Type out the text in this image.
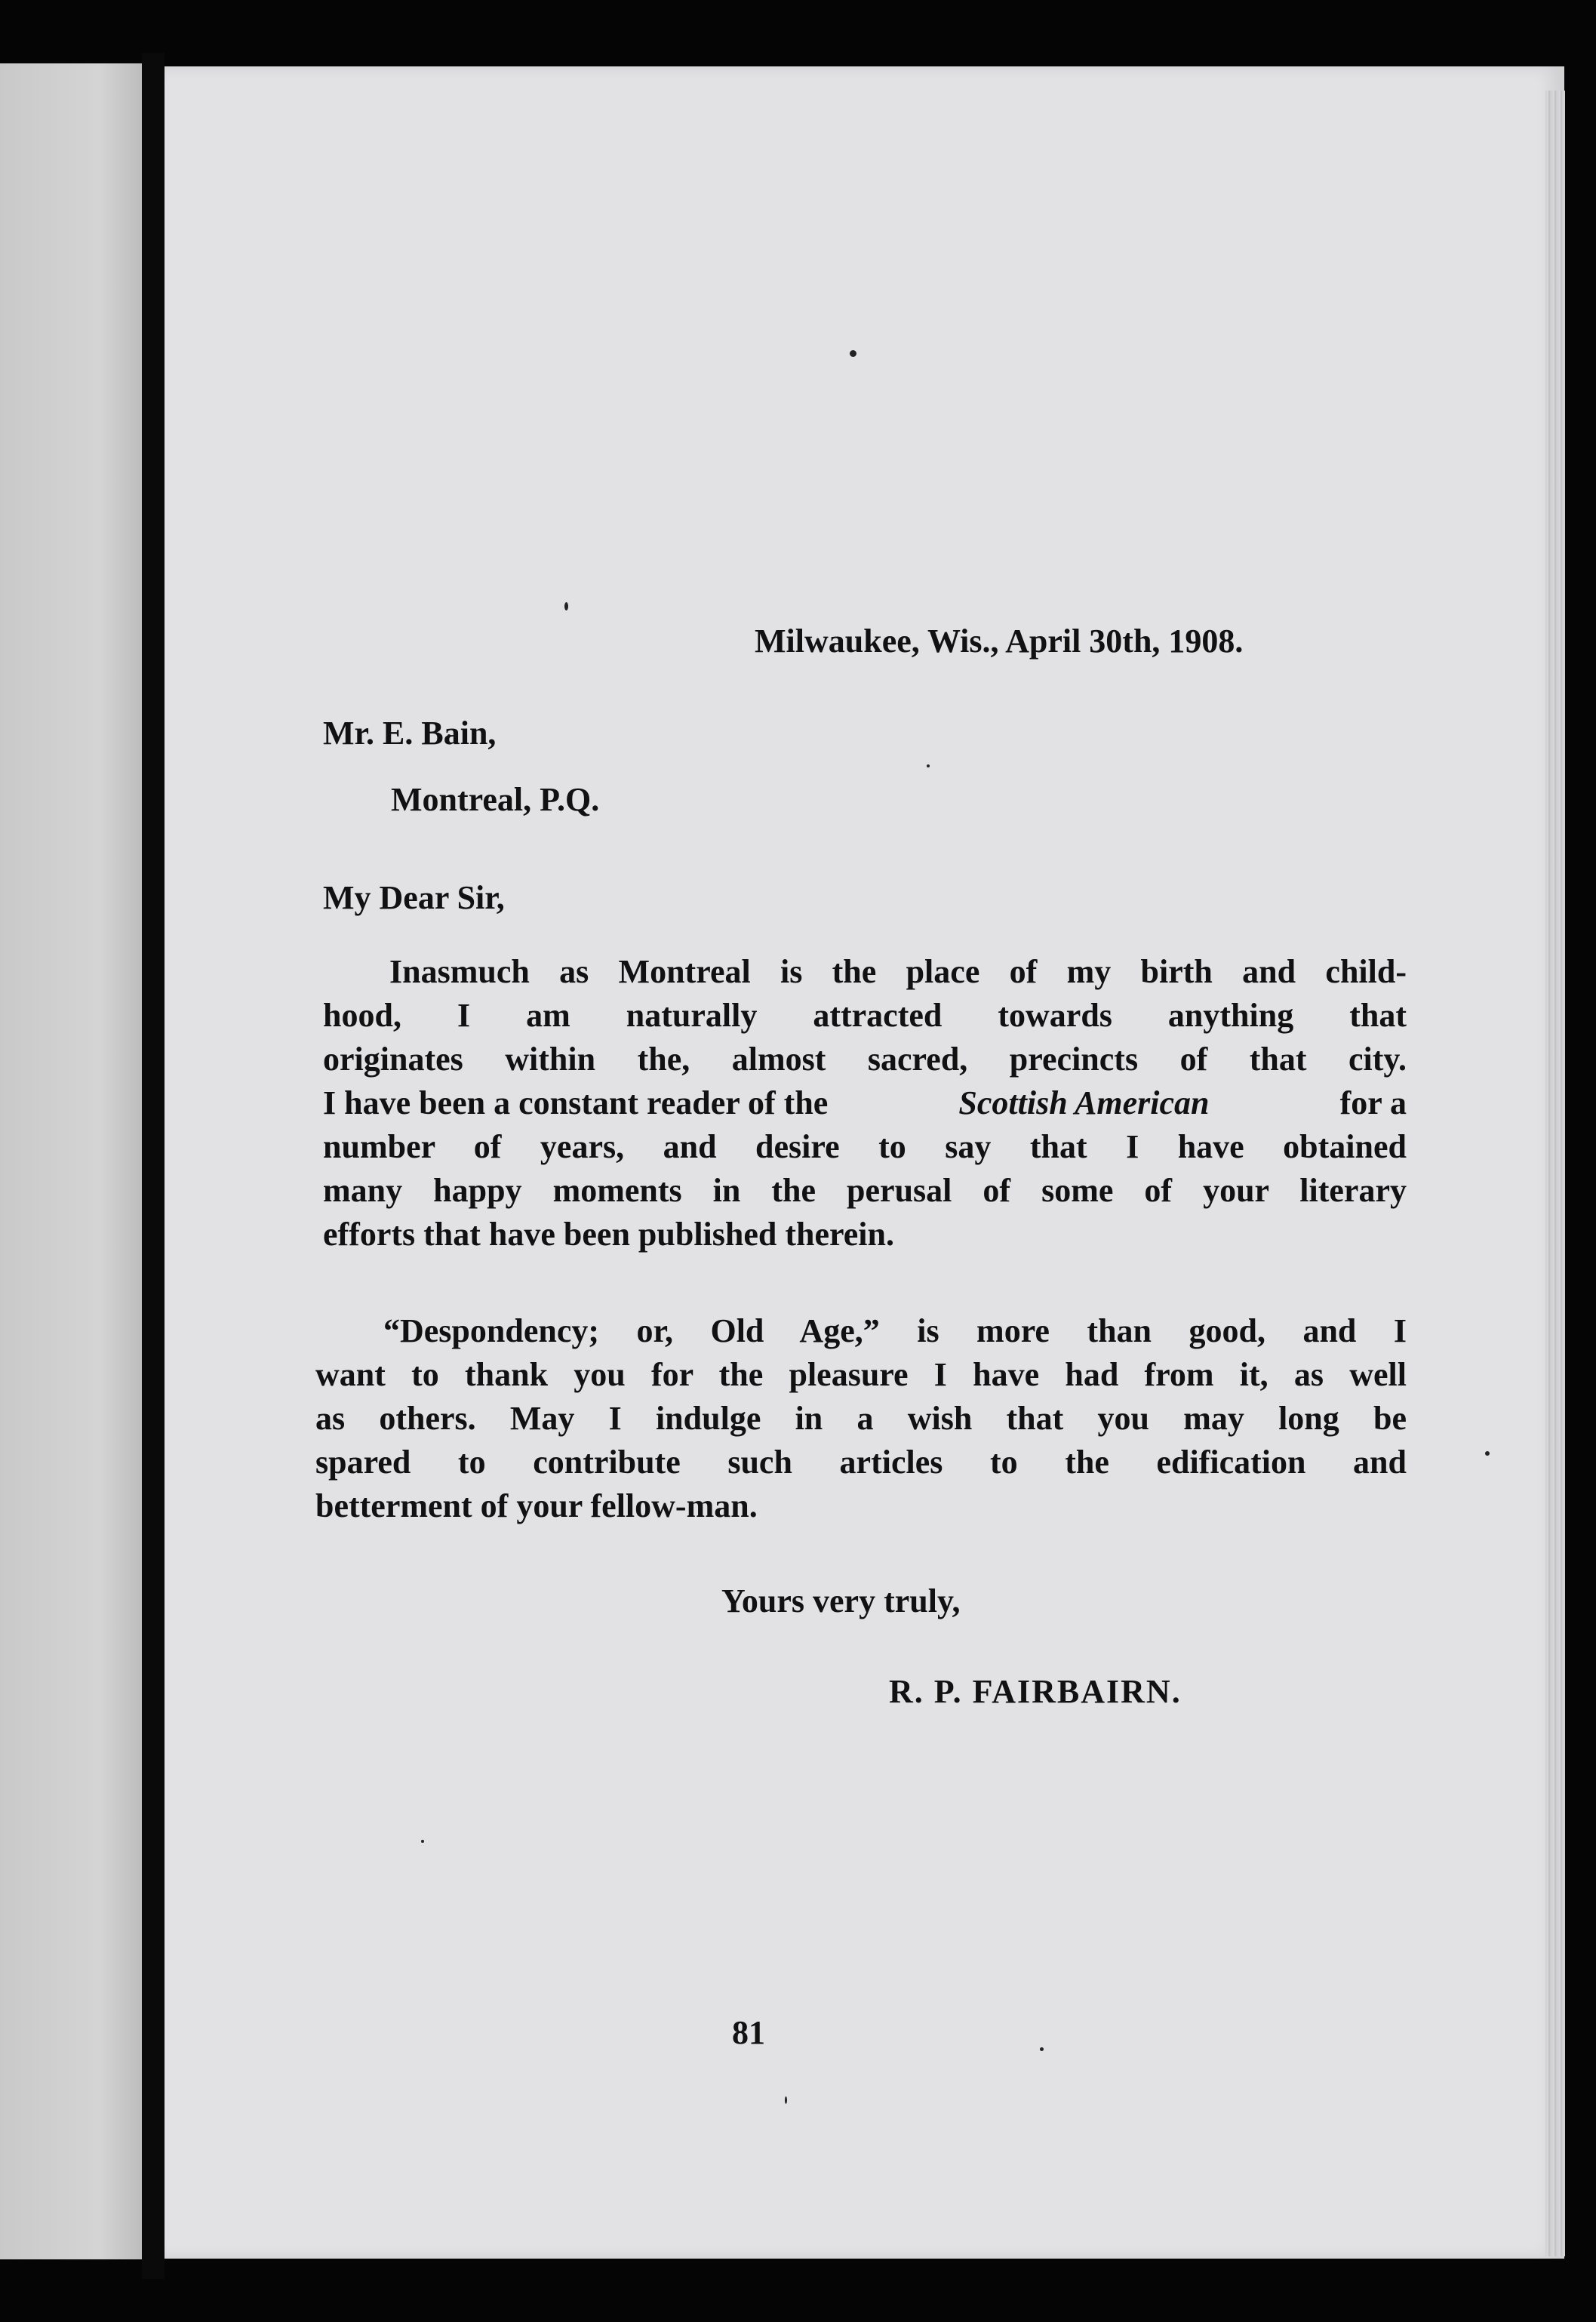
Milwaukee, Wis., April 30th, 1908.
Mr. E. Bain,
Montreal, P.Q.
My Dear Sir,
Inasmuch as Montreal is the place of my birth and child-
hood, I am naturally attracted towards anything that
originates within the, almost sacred, precincts of that city.
I have been a constant reader of the	Scottish American	for a
number of years, and desire to say that I have obtained
many happy moments in the perusal of some of your literary
efforts that have been published therein.
“Despondency; or, Old Age,” is more than good, and I
want to thank you for the pleasure I have had from it, as well
as others. May I indulge in a wish that you may long be
spared to contribute such articles to the edification and
betterment of your fellow-man.
Yours very truly,
R. P. FAIRBAIRN.
81
